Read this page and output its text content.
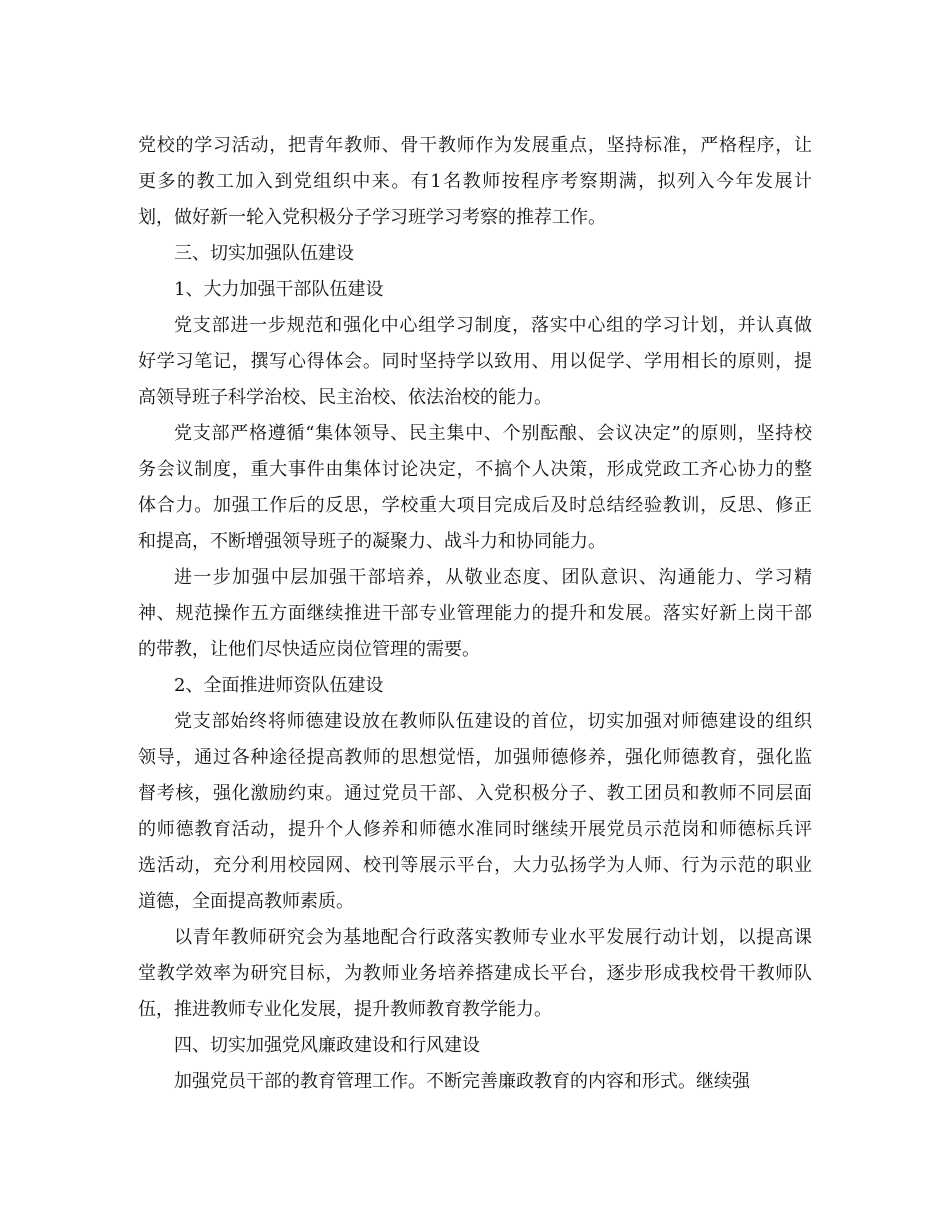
党校的学习活动，把青年教师、骨干教师作为发展重点，坚持标准，严格程序，让
更多的教工加入到党组织中来。有1名教师按程序考察期满，拟列入今年发展计
划，做好新一轮入党积极分子学习班学习考察的推荐工作。
三、切实加强队伍建设
1、大力加强干部队伍建设
党支部进一步规范和强化中心组学习制度，落实中心组的学习计划，并认真做
好学习笔记，撰写心得体会。同时坚持学以致用、用以促学、学用相长的原则，提
高领导班子科学治校、民主治校、依法治校的能力。
党支部严格遵循“集体领导、民主集中、个别酝酿、会议决定”的原则，坚持校
务会议制度，重大事件由集体讨论决定，不搞个人决策，形成党政工齐心协力的整
体合力。加强工作后的反思，学校重大项目完成后及时总结经验教训，反思、修正
和提高，不断增强领导班子的凝聚力、战斗力和协同能力。
进一步加强中层加强干部培养，从敬业态度、团队意识、沟通能力、学习精
神、规范操作五方面继续推进干部专业管理能力的提升和发展。落实好新上岗干部
的带教，让他们尽快适应岗位管理的需要。
2、全面推进师资队伍建设
党支部始终将师德建设放在教师队伍建设的首位，切实加强对师德建设的组织
领导，通过各种途径提高教师的思想觉悟，加强师德修养，强化师德教育，强化监
督考核，强化激励约束。通过党员干部、入党积极分子、教工团员和教师不同层面
的师德教育活动，提升个人修养和师德水准同时继续开展党员示范岗和师德标兵评
选活动，充分利用校园网、校刊等展示平台，大力弘扬学为人师、行为示范的职业
道德，全面提高教师素质。
以青年教师研究会为基地配合行政落实教师专业水平发展行动计划，以提高课
堂教学效率为研究目标，为教师业务培养搭建成长平台，逐步形成我校骨干教师队
伍，推进教师专业化发展，提升教师教育教学能力。
四、切实加强党风廉政建设和行风建设
加强党员干部的教育管理工作。不断完善廉政教育的内容和形式。继续强
